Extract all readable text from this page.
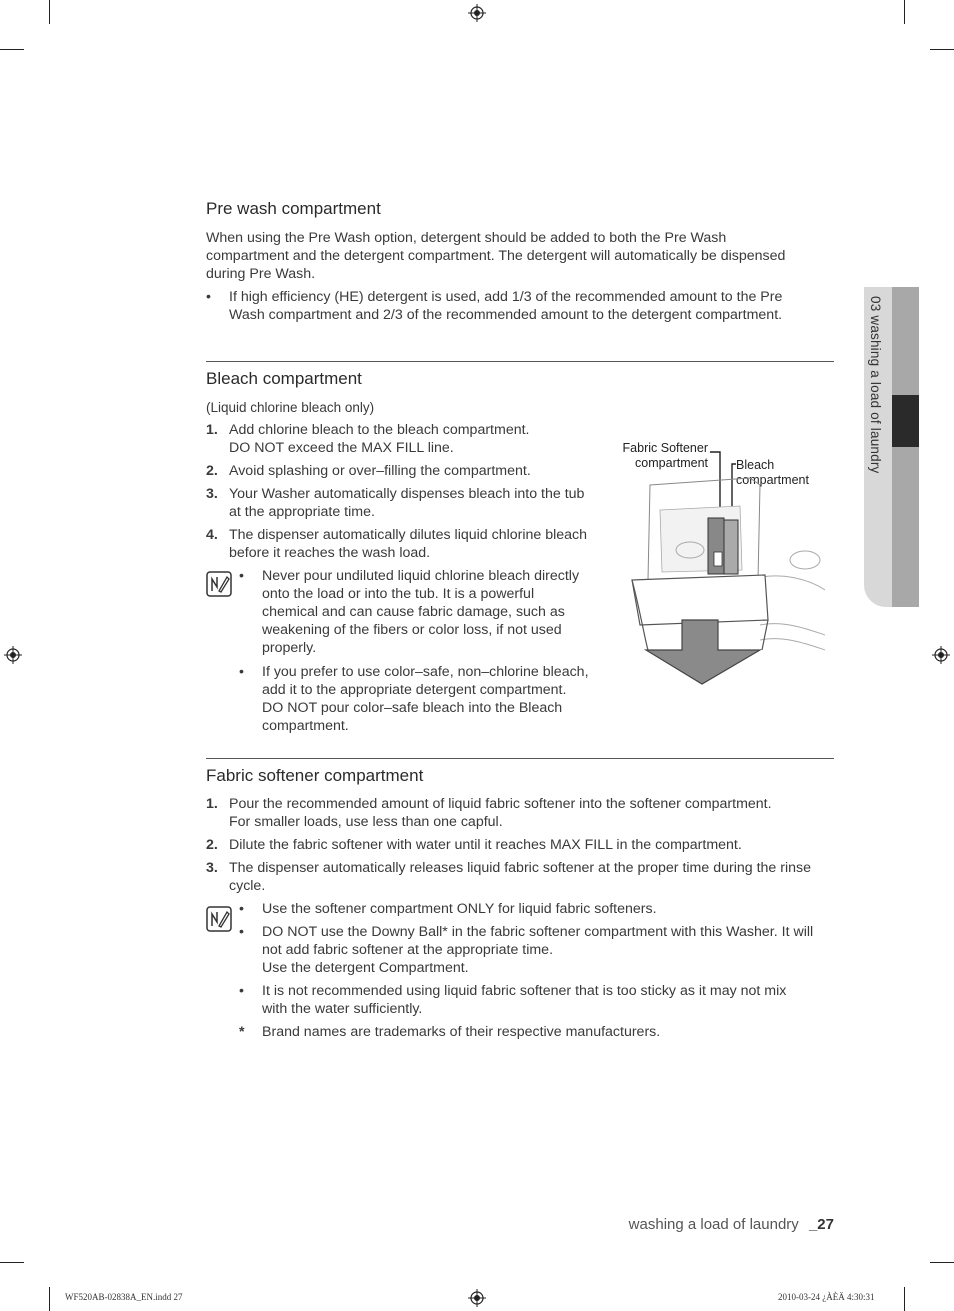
03 washing a load of laundry
Pre wash compartment
When using the Pre Wash option, detergent should be added to both the Pre Wash
compartment and the detergent compartment. The detergent will automatically be dispensed
during Pre Wash.
• If high efficiency (HE) detergent is used, add 1/3 of the recommended amount to the Pre
Wash compartment and 2/3 of the recommended amount to the detergent compartment.
Bleach compartment
(Liquid chlorine bleach only)
1. Add chlorine bleach to the bleach compartment.
DO NOT exceed the MAX FILL line.
2. Avoid splashing or over–filling the compartment.
3. Your Washer automatically dispenses bleach into the tub
at the appropriate time.
4. The dispenser automatically dilutes liquid chlorine bleach
before it reaches the wash load.
• Never pour undiluted liquid chlorine bleach directly
onto the load or into the tub. It is a powerful
chemical and can cause fabric damage, such as
weakening of the fibers or color loss, if not used
properly.
• If you prefer to use color–safe, non–chlorine bleach,
add it to the appropriate detergent compartment.
DO NOT pour color–safe bleach into the Bleach
compartment.
Fabric Softener
compartment Bleach
compartment
Fabric softener compartment
1. Pour the recommended amount of liquid fabric softener into the softener compartment.
For smaller loads, use less than one capful.
2. Dilute the fabric softener with water until it reaches MAX FILL in the compartment.
3. The dispenser automatically releases liquid fabric softener at the proper time during the rinse
cycle.
• Use the softener compartment ONLY for liquid fabric softeners.
• DO NOT use the Downy Ball* in the fabric softener compartment with this Washer. It will
not add fabric softener at the appropriate time.
Use the detergent Compartment.
• It is not recommended using liquid fabric softener that is too sticky as it may not mix
with the water sufficiently.
* Brand names are trademarks of their respective manufacturers.
washing a load of laundry _27
WF520AB-02838A_EN.indd 27	2010-03-24 ¿ÀÈÄ 4:30:31
